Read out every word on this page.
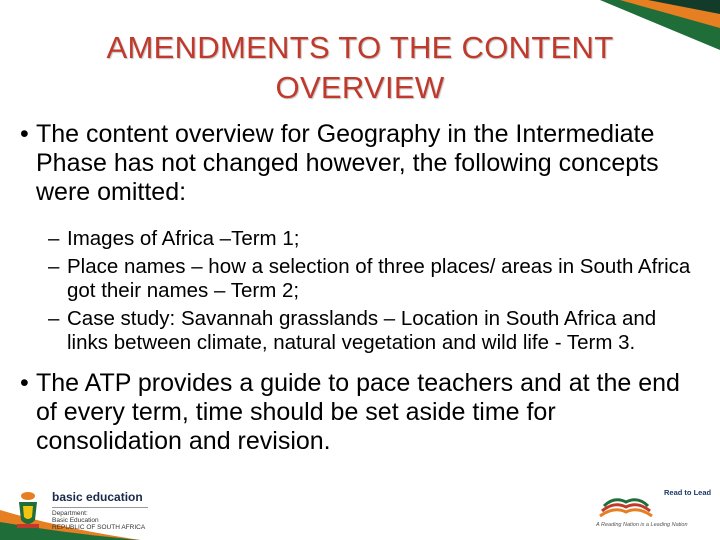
AMENDMENTS TO THE CONTENT
OVERVIEW
• The content overview for Geography in the Intermediate Phase has not changed however, the following concepts were omitted:
– Images of Africa –Term 1;
– Place names – how a selection of three places/ areas in South Africa got their names – Term 2;
– Case study: Savannah grasslands – Location in South Africa and links between climate, natural vegetation and wild life - Term 3.
• The ATP provides a guide to pace teachers and at the end of every term, time should be set aside time for consolidation and revision.
basic education
Department:
Basic Education
REPUBLIC OF SOUTH AFRICA
Read to Lead
A Reading Nation is a Leading Nation
